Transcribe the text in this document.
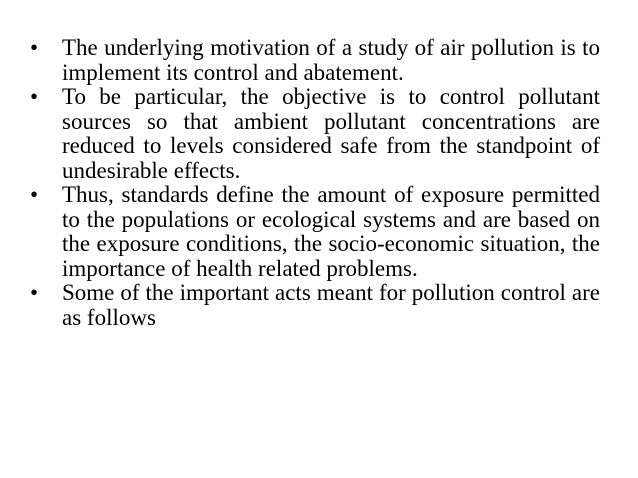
•	The underlying motivation of a study of air pollution is to implement its control and abatement.
•	To be particular, the objective is to control pollutant sources so that ambient pollutant concentrations are reduced to levels considered safe from the standpoint of undesirable effects.
•	Thus, standards define the amount of exposure permitted to the populations or ecological systems and are based on the exposure conditions, the socio-economic situation, the importance of health related problems.
•	Some of the important acts meant for pollution control are as follows
